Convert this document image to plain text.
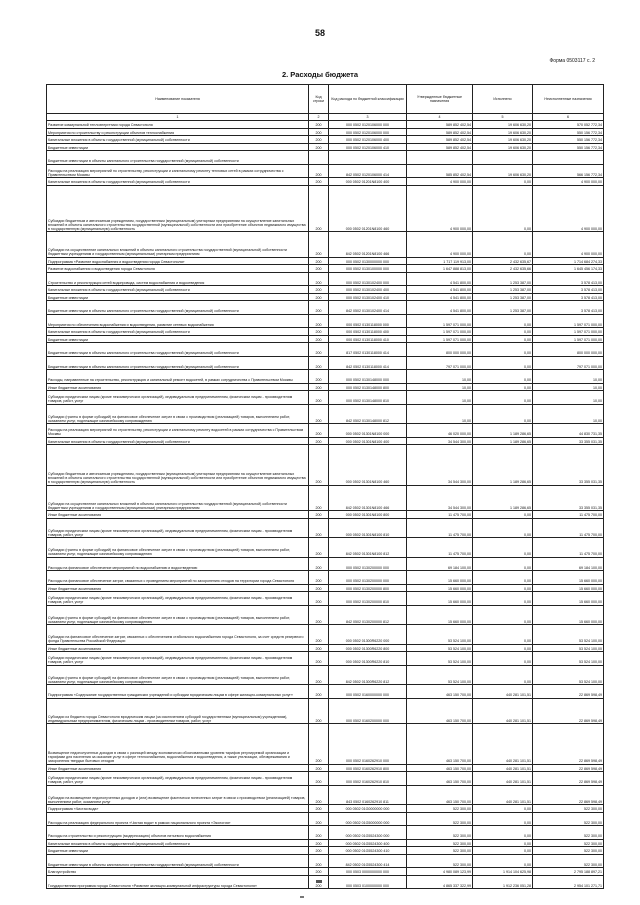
58
Форма 0503117 с. 2
2. Расходы бюджета
Наименование показателя	Код строки	Код расхода по бюджетной классификации	Утвержденные бюджетные назначения	Исполнено	Неисполненные назначения
1	2	3	4	5	6
Развитие коммунальной теплоэнергетики города Севастополя	200	000 0502 0120106000 000	589 852 402,54	19 606 630,20	570 052 772,34
Мероприятия по строительству и реконструкции объектов теплоснабжения	200	000 0502 0120106000 000	589 852 402,54	19 606 630,20	550 156 772,34
Капитальные вложения в объекты государственной (муниципальной) собственности	200	000 0502 0120106000 400	589 852 402,54	19 606 630,20	550 156 772,34
Бюджетные инвестиции	200	000 0502 0120106000 410	589 852 402,54	19 606 630,20	550 156 772,34
Бюджетные инвестиции в объекты капитального строительства государственной (муниципальной) собственности					
Расходы на реализацию мероприятий по строительству, реконструкции и капитальному ремонту тепловых сетей в рамках сотрудничества с Правительством Москвы	200	842 0502 0120106000 414	585 852 402,54	19 606 630,20	566 156 772,34
Капитальные вложения в объекты государственной (муниципальной) собственности	200	000 0502 01201N8100 400	4 900 000,00	0,00	4 900 000,00
Субсидии бюджетным и автономным учреждениям, государственным (муниципальным) унитарным предприятиям на осуществление капитальных вложений в объекты капитального строительства государственной (муниципальной) собственности или приобретение объектов недвижимого имущества в государственную (муниципальную) собственность	200	000 0502 01201N8100 460	4 900 000,00	0,00	4 900 000,00
Субсидии на осуществление капитальных вложений в объекты капитального строительства государственной (муниципальной) собственности бюджетным учреждениям и государственным (муниципальным) унитарным предприятиям	200	842 0502 01201N8100 466	4 900 000,00	0,00	4 900 000,00
Подпрограмма «Развитие водоснабжения и водоотведения города Севастополя»	200	000 0502 0130000000 000	1 717 119 913,00	2 432 635,67	1 714 684 274,33
Развитие водоснабжения и водоотведения города Севастополя	200	000 0502 0130100000 000	1 647 888 813,00	2 432 635,66	1 645 456 174,33
Строительство и реконструкция сетей водопровода, систем водоснабжения и водоотведения	200	000 0502 0130102400 000	4 541 800,00	1 253 387,00	3 578 413,00
Капитальные вложения в объекты государственной (муниципальной) собственности	200	000 0502 0130102400 400	4 541 800,00	1 253 387,00	3 578 413,00
Бюджетные инвестиции	200	000 0502 0130102400 410	4 541 800,00	1 253 387,00	3 578 413,00
Бюджетные инвестиции в объекты капитального строительства государственной (муниципальной) собственности	200	842 0502 0130102400 414	4 541 800,00	1 253 387,00	3 578 413,00
Мероприятия по обеспечению водоснабжения и водоотведения, развитие сетевых водоснабжения	200	000 0502 0130118000 000	1 597 071 000,00	0,00	1 597 071 000,00
Капитальные вложения в объекты государственной (муниципальной) собственности	200	000 0502 0130118000 400	1 597 071 000,00	0,00	1 597 071 000,00
Бюджетные инвестиции	200	000 0502 0130118000 410	1 597 071 000,00	0,00	1 597 071 000,00
Бюджетные инвестиции в объекты капитального строительства государственной (муниципальной) собственности	200	817 0502 0130118000 414	800 000 000,00	0,00	800 000 000,00
Бюджетные инвестиции в объекты капитального строительства государственной (муниципальной) собственности	200	842 0502 0130118000 414	797 071 000,00	0,00	797 071 000,00
Расходы, направленные на строительство, реконструкцию и капитальный ремонт водосетей, в рамках сотрудничества с Правительством Москвы	200	000 0502 0130148000 000	10,00	0,00	10,00
Иные бюджетные ассигнования	200	000 0502 0130148000 800	10,00	0,00	10,00
Субсидии юридическим лицам (кроме некоммерческих организаций), индивидуальным предпринимателям, физическим лицам - производителям товаров, работ, услуг	200	000 0502 0130148000 810	10,00	0,00	10,00
Субсидии (гранты в форме субсидий) на финансовое обеспечение затрат в связи с производством (реализацией) товаров, выполнением работ, оказанием услуг, подлежащие казначейскому сопровождению	200	842 0502 0130148000 812	10,00	0,00	10,00
Расходы на реализацию мероприятий по строительству, реконструкции и капитальному ремонту водосетей в рамках сотрудничества с Правительством Москвы	200	000 0502 01301N8100 000	46 020 000,00	1 189 286,65	44 830 731,35
Капитальные вложения в объекты государственной (муниципальной) собственности	200	000 0502 01301N8100 400	34 544 300,00	1 189 286,65	33 355 031,35
Субсидии бюджетным и автономным учреждениям, государственным (муниципальным) унитарным предприятиям на осуществление капитальных вложений в объекты капитального строительства государственной (муниципальной) собственности или приобретение объектов недвижимого имущества в государственную (муниципальную) собственность	200	000 0502 01301N8100 460	34 544 300,00	1 189 286,65	33 355 031,35
Субсидии на осуществление капитальных вложений в объекты капитального строительства государственной (муниципальной) собственности бюджетным учреждениям и государственным (муниципальным) унитарным предприятиям	200	842 0502 01301N8100 466	34 544 300,00	1 189 286,65	33 355 031,35
Иные бюджетные ассигнования	200	000 0502 01301N8100 800	11 475 700,00	0,00	11 475 700,00
Субсидии юридическим лицам (кроме некоммерческих организаций), индивидуальным предпринимателям, физическим лицам - производителям товаров, работ, услуг	200	000 0502 01301N8100 810	11 475 700,00	0,00	11 475 700,00
Субсидии (гранты в форме субсидий) на финансовое обеспечение затрат в связи с производством (реализацией) товаров, выполнением работ, оказанием услуг, подлежащие казначейскому сопровождению	200	842 0502 01301N8100 812	11 475 700,00	0,00	11 475 700,00
Расходы на финансовое обеспечение мероприятий по водоснабжению и водоотведению	200	000 0502 0130200000 000	69 184 100,00	0,00	69 184 100,00
Расходы на финансовое обеспечение затрат, связанных с проведением мероприятий по захоронению отходов на территории города Севастополя	200	000 0502 0130200000 000	15 660 000,00	0,00	15 660 000,00
Иные бюджетные ассигнования	200	000 0502 0130200000 800	15 660 000,00	0,00	15 660 000,00
Субсидии юридическим лицам (кроме некоммерческих организаций), индивидуальным предпринимателям, физическим лицам - производителям товаров, работ, услуг	200	000 0502 0130200000 810	15 660 000,00	0,00	15 660 000,00
Субсидии (гранты в форме субсидий) на финансовое обеспечение затрат в связи с производством (реализацией) товаров, выполнением работ, оказанием услуг, подлежащие казначейскому сопровождению	200	842 0502 0130200000 812	15 660 000,00	0,00	15 660 000,00
Субсидии на финансовое обеспечение затрат, связанных с обеспечением стабильного водоснабжения города Севастополя, за счет средств резервного фонда Правительства Российской Федерации	200	000 0502 01300R6220 000	53 524 100,00	0,00	53 524 100,00
Иные бюджетные ассигнования	200	000 0502 01300R6220 800	53 524 100,00	0,00	53 524 100,00
Субсидии юридическим лицам (кроме некоммерческих организаций), индивидуальным предпринимателям, физическим лицам - производителям товаров, работ, услуг	200	000 0502 01300R6220 810	53 524 100,00	0,00	53 524 100,00
Субсидии (гранты в форме субсидий) на финансовое обеспечение затрат в связи с производством (реализацией) товаров, выполнением работ, оказанием услуг, подлежащие казначейскому сопровождению	200	842 0502 01300R6220 812	53 524 100,00	0,00	53 524 100,00
Подпрограмма «Содержание государственных гражданских учреждений и субсидии юридическим лицам в сфере жилищно-коммунальных услуг»	200	000 0502 0160000000 000	463 150 700,00	440 281 101,51	22 869 598,49
Субсидии из бюджета города Севастополя юридическим лицам (за исключением субсидий государственным (муниципальным) учреждениям), индивидуальным предпринимателям, физическим лицам - производителям товаров, работ, услуг	200	000 0502 0160200000 000	463 150 700,00	440 281 101,51	22 869 598,49
Возмещение недополученных доходов в связи с разницей между экономически обоснованными уровнем тарифов регулируемой организации и тарифами для населения за оказание услуг в сфере теплоснабжения, водоснабжения и водоотведения, а также утилизации, обезвреживания и захоронения твердых бытовых отходов	200	000 0502 0160262910 000	463 150 700,00	440 281 101,51	22 869 598,49
Иные бюджетные ассигнования	200	000 0502 0160262910 800	463 150 700,00	440 281 101,51	22 869 598,49
Субсидии юридическим лицам (кроме некоммерческих организаций), индивидуальным предпринимателям, физическим лицам - производителям товаров, работ, услуг	200	000 0502 0160262910 810	463 150 700,00	440 281 101,51	22 869 598,49
Субсидии на возмещение недополученных доходов и (или) возмещение фактически понесенных затрат в связи с производством (реализацией) товаров, выполнением работ, оказанием услуг	200	843 0502 0160262910 811	463 150 700,00	440 281 101,51	22 869 598,49
Подпрограмма «Чистая вода»	200	000 0502 01G0000000 000	522 300,00	0,00	522 300,00
Расходы на реализацию федерального проекта «Чистая вода» в рамках национального проекта «Экология»	200	000 0502 01G5000000 000	522 300,00	0,00	522 300,00
Расходы на строительство и реконструкцию (модернизацию) объектов питьевого водоснабжения	200	000 0502 01G5524300 000	522 300,00	0,00	522 300,00
Капитальные вложения в объекты государственной (муниципальной) собственности	200	000 0502 01G5524300 400	522 300,00	0,00	522 300,00
Бюджетные инвестиции	200	000 0502 01G5524300 410	522 300,00	0,00	522 300,00
Бюджетные инвестиции в объекты капитального строительства государственной (муниципальной) собственности	200	842 0502 01G5524300 414	522 300,00	0,00	522 300,00
Благоустройство	200	000 0503 0000000000 000	4 980 089 123,99	1 914 104 625,98	2 795 188 897,21
Государственная программа города Севастополя «Развитие жилищно-коммунальной инфраструктуры города Севастополя»	200	000 0503 0100000000 000	4 865 337 322,99	1 912 236 051,28	2 954 101 271,71
